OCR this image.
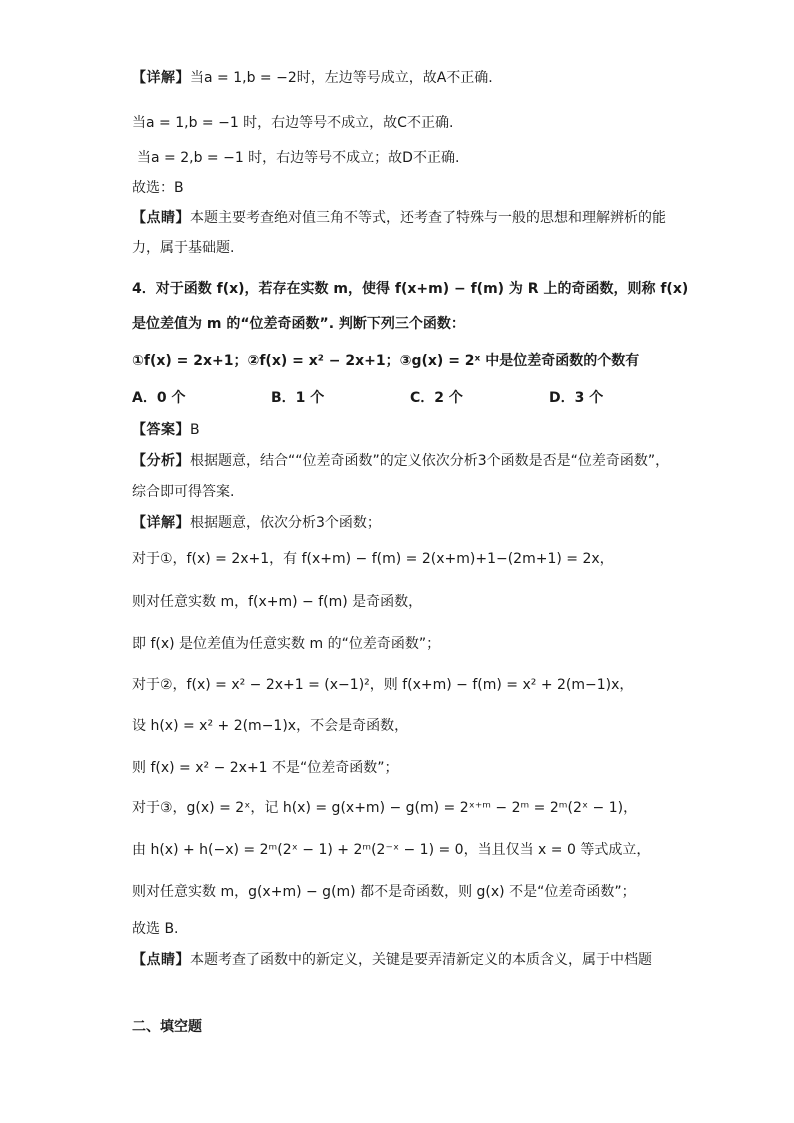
【详解】当a = 1,b = −2时，左边等号成立，故A不正确.
当a = 1,b = −1 时，右边等号不成立，故C不正确.
当a = 2,b = −1 时，右边等号不成立；故D不正确.
故选：B
【点睛】本题主要考查绝对值三角不等式，还考查了特殊与一般的思想和理解辨析的能
力，属于基础题.
4．对于函数 f(x)，若存在实数 m，使得 f(x+m) − f(m) 为 R 上的奇函数，则称 f(x)
是位差值为 m 的“位差奇函数”. 判断下列三个函数：
①f(x) = 2x+1；②f(x) = x² − 2x+1；③g(x) = 2ˣ 中是位差奇函数的个数有
A．0 个	B．1 个	C．2 个	D．3 个
【答案】B
【分析】根据题意，结合““位差奇函数”的定义依次分析3个函数是否是“位差奇函数”，
综合即可得答案.
【详解】根据题意，依次分析3个函数；
对于①，f(x) = 2x+1，有 f(x+m) − f(m) = 2(x+m)+1−(2m+1) = 2x，
则对任意实数 m，f(x+m) − f(m) 是奇函数，
即 f(x) 是位差值为任意实数 m 的“位差奇函数”；
对于②，f(x) = x² − 2x+1 = (x−1)²，则 f(x+m) − f(m) = x² + 2(m−1)x，
设 h(x) = x² + 2(m−1)x，不会是奇函数，
则 f(x) = x² − 2x+1 不是“位差奇函数”；
对于③，g(x) = 2ˣ，记 h(x) = g(x+m) − g(m) = 2ˣ⁺ᵐ − 2ᵐ = 2ᵐ(2ˣ − 1)，
由 h(x) + h(−x) = 2ᵐ(2ˣ − 1) + 2ᵐ(2⁻ˣ − 1) = 0，当且仅当 x = 0 等式成立，
则对任意实数 m，g(x+m) − g(m) 都不是奇函数，则 g(x) 不是“位差奇函数”；
故选 B.
【点睛】本题考查了函数中的新定义，关键是要弄清新定义的本质含义，属于中档题
二、填空题
